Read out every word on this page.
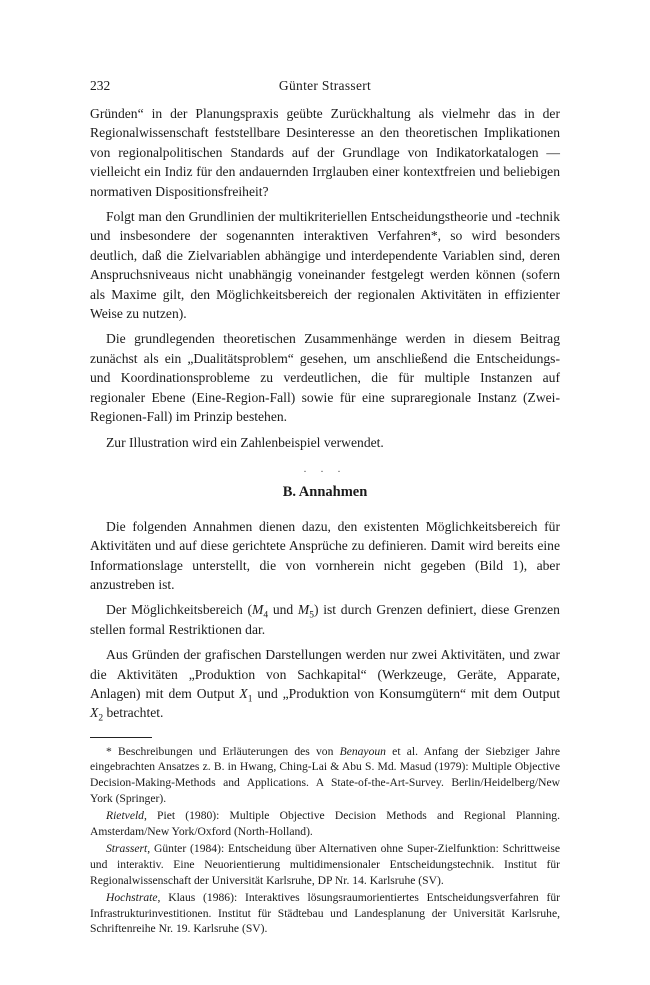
232	Günter Strassert

Gründen“ in der Planungspraxis geübte Zurückhaltung als vielmehr das in der Regionalwissenschaft feststellbare Desinteresse an den theoretischen Implikationen von regionalpolitischen Standards auf der Grundlage von Indikatorkatalogen — vielleicht ein Indiz für den andauernden Irrglauben einer kontextfreien und beliebigen normativen Dispositionsfreiheit?

Folgt man den Grundlinien der multikriteriellen Entscheidungstheorie und -technik und insbesondere der sogenannten interaktiven Verfahren*, so wird besonders deutlich, daß die Zielvariablen abhängige und interdependente Variablen sind, deren Anspruchsniveaus nicht unabhängig voneinander festgelegt werden können (sofern als Maxime gilt, den Möglichkeitsbereich der regionalen Aktivitäten in effizienter Weise zu nutzen).

Die grundlegenden theoretischen Zusammenhänge werden in diesem Beitrag zunächst als ein „Dualitätsproblem“ gesehen, um anschließend die Entscheidungs- und Koordinationsprobleme zu verdeutlichen, die für multiple Instanzen auf regionaler Ebene (Eine-Region-Fall) sowie für eine supraregionale Instanz (Zwei-Regionen-Fall) im Prinzip bestehen.

Zur Illustration wird ein Zahlenbeispiel verwendet.

. . .
B. Annahmen

Die folgenden Annahmen dienen dazu, den existenten Möglichkeitsbereich für Aktivitäten und auf diese gerichtete Ansprüche zu definieren. Damit wird bereits eine Informationslage unterstellt, die von vornherein nicht gegeben (Bild 1), aber anzustreben ist.

Der Möglichkeitsbereich ($M_4$ und $M_5$) ist durch Grenzen definiert, diese Grenzen stellen formal Restriktionen dar.

Aus Gründen der grafischen Darstellungen werden nur zwei Aktivitäten, und zwar die Aktivitäten „Produktion von Sachkapital“ (Werkzeuge, Geräte, Apparate, Anlagen) mit dem Output $X_1$ und „Produktion von Konsumgütern“ mit dem Output $X_2$ betrachtet.

* Beschreibungen und Erläuterungen des von Benayoun et al. Anfang der Siebziger Jahre eingebrachten Ansatzes z. B. in Hwang, Ching-Lai & Abu S. Md. Masud (1979): Multiple Objective Decision-Making-Methods and Applications. A State-of-the-Art-Survey. Berlin/Heidelberg/New York (Springer).

Rietveld, Piet (1980): Multiple Objective Decision Methods and Regional Planning. Amsterdam/New York/Oxford (North-Holland).

Strassert, Günter (1984): Entscheidung über Alternativen ohne Super-Zielfunktion: Schrittweise und interaktiv. Eine Neuorientierung multidimensionaler Entscheidungstechnik. Institut für Regionalwissenschaft der Universität Karlsruhe, DP Nr. 14. Karlsruhe (SV).

Hochstrate, Klaus (1986): Interaktives lösungsraumorientiertes Entscheidungsverfahren für Infrastrukturinvestitionen. Institut für Städtebau und Landesplanung der Universität Karlsruhe, Schriftenreihe Nr. 19. Karlsruhe (SV).
